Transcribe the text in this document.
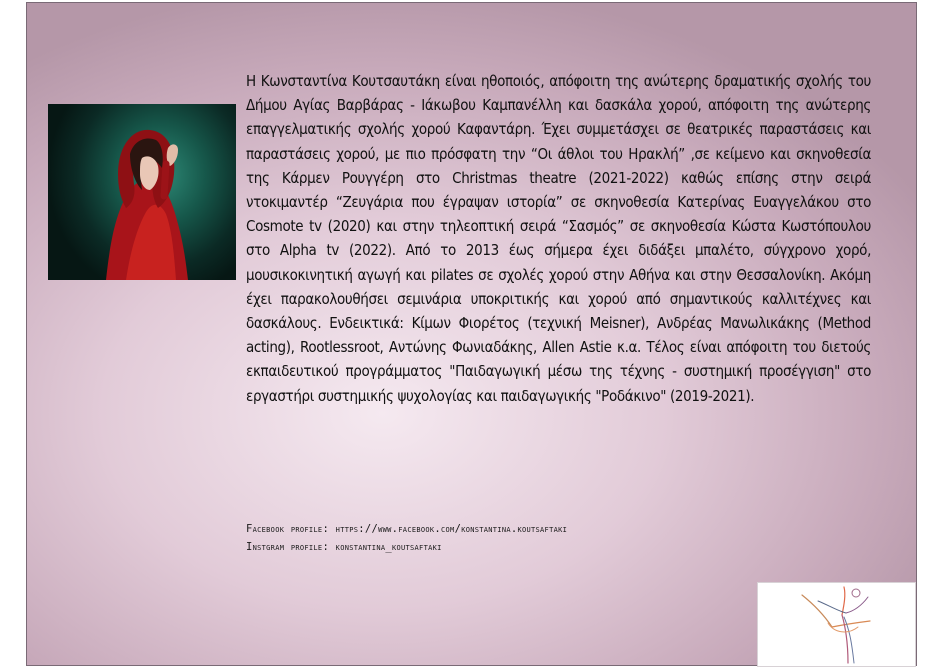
Η Κωνσταντίνα Κουτσαυτάκη είναι ηθοποιός, απόφοιτη της ανώτερης δραματικής σχολής του Δήμου Αγίας Βαρβάρας - Ιάκωβου Καμπανέλλη και δασκάλα χορού, απόφοιτη της ανώτερης επαγγελματικής σχολής χορού Καφαντάρη. Έχει συμμετάσχει σε θεατρικές παραστάσεις και παραστάσεις χορού, με πιο πρόσφατη την “Οι άθλοι του Ηρακλή” ,σε κείμενο και σκηνοθεσία της Κάρμεν Ρουγγέρη στο Christmas theatre (2021-2022) καθώς επίσης στην σειρά ντοκιμαντέρ “Ζευγάρια που έγραψαν ιστορία” σε σκηνοθεσία Κατερίνας Ευαγγελάκου στο Cosmote tv (2020) και στην τηλεοπτική σειρά “Σασμός” σε σκηνοθεσία Κώστα Κωστόπουλου στο Alpha tv (2022). Από το 2013 έως σήμερα έχει διδάξει μπαλέτο, σύγχρονο χορό, μουσικοκινητική αγωγή και pilates σε σχολές χορού στην Αθήνα και στην Θεσσαλονίκη. Ακόμη έχει παρακολουθήσει σεμινάρια υποκριτικής και χορού από σημαντικούς καλλιτέχνες και δασκάλους. Ενδεικτικά: Κίμων Φιορέτος (τεχνική Meisner), Ανδρέας Μανωλικάκης (Method acting), Rootlessroot, Αντώνης Φωνιαδάκης, Allen Astie κ.α. Τέλος είναι απόφοιτη του διετούς εκπαιδευτικού προγράμματος "Παιδαγωγική μέσω της τέχνης - συστημική προσέγγιση" στο εργαστήρι συστημικής ψυχολογίας και παιδαγωγικής "Ροδάκινο" (2019-2021).

Facebook profile: https://www.facebook.com/konstantina.koutsaftaki
Instgram profile: konstantina_koutsaftaki
